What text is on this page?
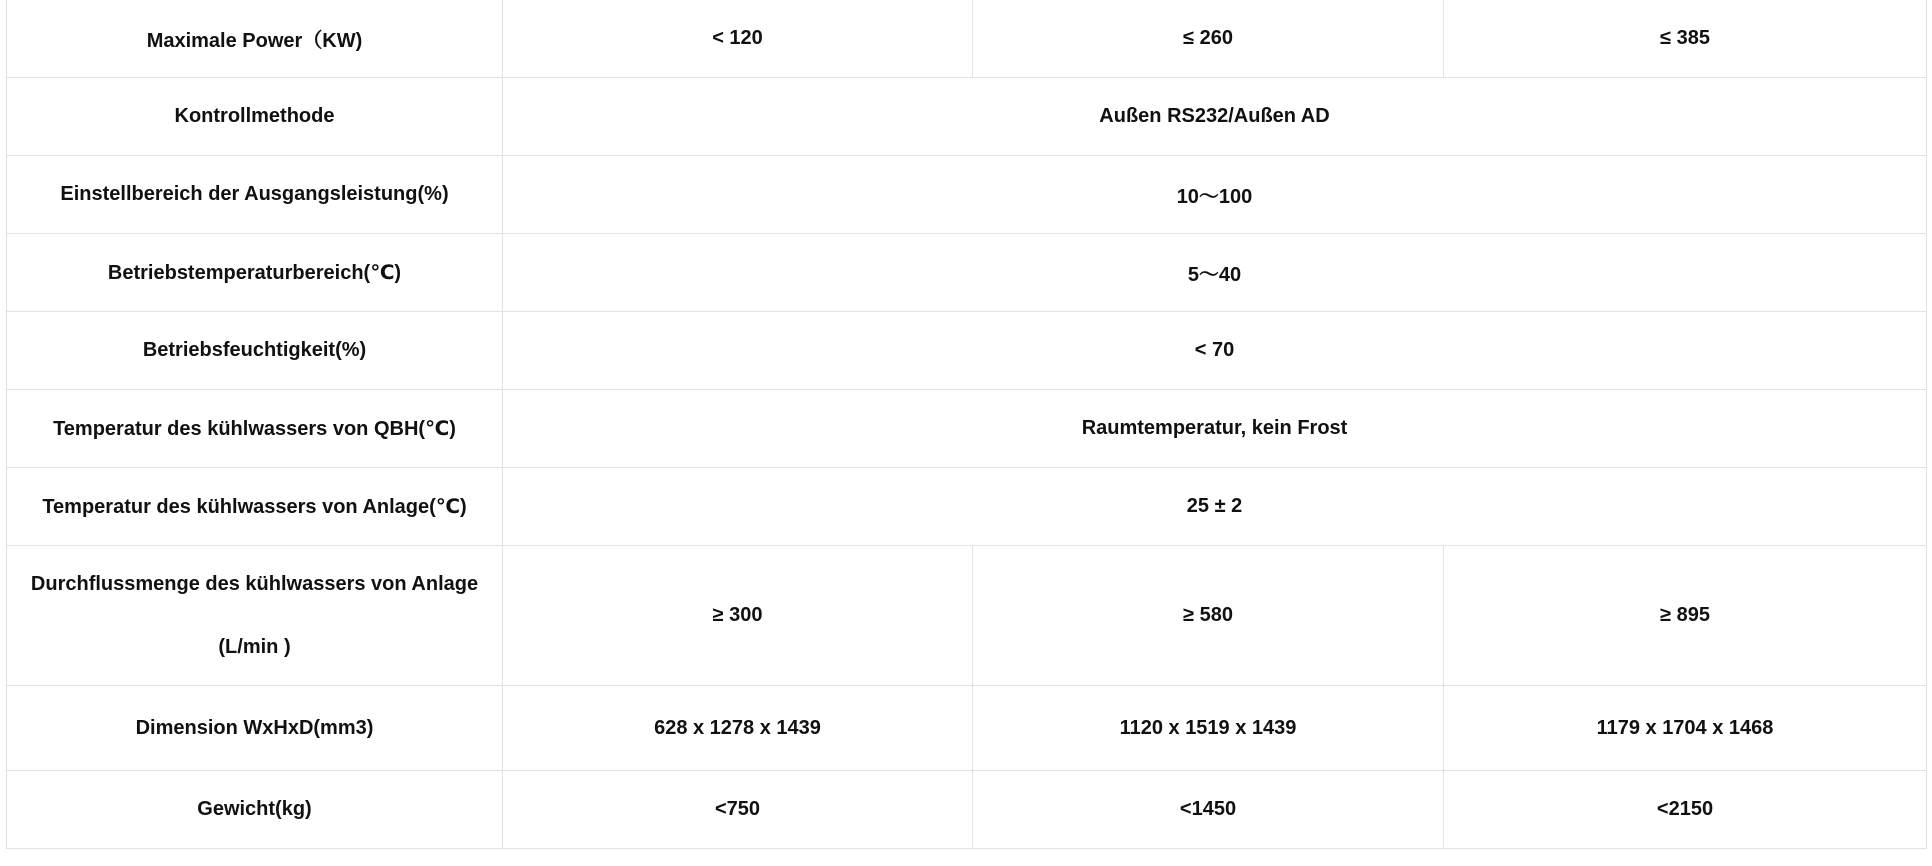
Maximale Power（KW)	< 120	≤ 260	≤ 385
Kontrollmethode	Außen RS232/Außen AD		
Einstellbereich der Ausgangsleistung(%)	10～100		
Betriebstemperaturbereich(℃)	5～40		
Betriebsfeuchtigkeit(%)	< 70		
Temperatur des kühlwassers von QBH(℃)	Raumtemperatur, kein Frost		
Temperatur des kühlwassers von Anlage(℃)	25 ± 2		

Durchflussmenge des kühlwassers von Anlage
(L/min )	≥ 300	≥ 580	≥ 895
Dimension WxHxD(mm3)	628 x 1278 x 1439	1120 x 1519 x 1439	1179 x 1704 x 1468
Gewicht(kg)	<750	<1450	<2150
